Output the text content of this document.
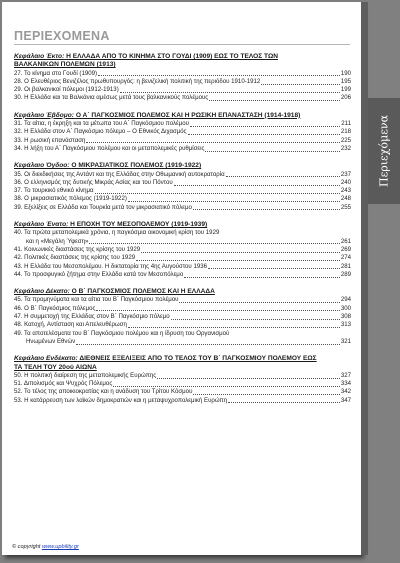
ΠΕΡΙΕΧΟΜΕΝΑ
Κεφάλαιο Έκτο: Η ΕΛΛΑΔΑ ΑΠΟ ΤΟ ΚΙΝΗΜΑ ΣΤΟ ΓΟΥΔΙ (1909) ΕΩΣ ΤΟ ΤΕΛΟΣ ΤΩΝ
ΒΑΛΚΑΝΙΚΩΝ ΠΟΛΕΜΩΝ (1913)
27. Το κίνημα στο Γουδί (1909)	190
28. Ο Ελευθέριος Βενιζέλος πρωθυπουργός: η βενιζελική πολιτική της περιόδου 1910-1912	195
29. Οι βαλκανικοί πόλεμοι (1912-1913)	199
30. Η Ελλάδα και τα Βαλκάνια αμέσως μετά τους βαλκανικούς πολέμους	206
Κεφάλαιο Έβδομο: Ο Α΄ ΠΑΓΚΟΣΜΙΟΣ ΠΟΛΕΜΟΣ ΚΑΙ Η ΡΩΣΙΚΗ ΕΠΑΝΑΣΤΑΣΗ (1914-1918)
31. Τα αίτια, η έκρηξη και τα μέτωπα του Α΄ Παγκόσμιου πολέμου	211
32. Η Ελλάδα στον Α΄ Παγκόσμιο πόλεμο – Ο Εθνικός Διχασμός	218
33. Η ρωσική επανάσταση	225
34. Η λήξη του Α΄ Παγκόσμιου πολέμου και οι μεταπολεμικές ρυθμίσεις	232
Κεφάλαιο Όγδοο: Ο ΜΙΚΡΑΣΙΑΤΙΚΟΣ ΠΟΛΕΜΟΣ (1919-1922)
35. Οι διεκδικήσεις της Αντάντ και της Ελλάδας στην Οθωμανική αυτοκρατορία	237
36. Ο ελληνισμός της δυτικής Μικράς Ασίας και του Πόντου	240
37. Το τουρκικό εθνικό κίνημα	243
38. Ο μικρασιατικός πόλεμος (1919-1922)	248
39. Εξελίξεις σε Ελλάδα και Τουρκία μετά τον μικρασιατικό πόλεμο	255
Κεφάλαιο Ένατο: Η ΕΠΟΧΗ ΤΟΥ ΜΕΣΟΠΟΛΕΜΟΥ (1919-1939)
40. Τα πρώτα μεταπολεμικά χρόνια, η παγκόσμια οικονομική κρίση του 1929
και η «Μεγάλη Ύφεση»	261
41. Κοινωνικές διαστάσεις της κρίσης του 1929	269
42. Πολιτικές διαστάσεις της κρίσης του 1929	274
43. Η Ελλάδα του Μεσοπολέμου. Η δικτατορία της 4ης Αυγούστου 1936	281
44. Το προσφυγικό ζήτημα στην Ελλάδα κατά τον Μεσοπόλεμο	289
Κεφάλαιο Δέκατο: Ο Β΄ ΠΑΓΚΟΣΜΙΟΣ ΠΟΛΕΜΟΣ ΚΑΙ Η ΕΛΛΑΔΑ
45. Τα προμηνύματα και τα αίτια του Β΄ Παγκόσμιου πολέμου	294
46. Ο Β΄ Παγκόσμιος πόλεμος	300
47. Η συμμετοχή της Ελλάδας στον Β΄ Παγκόσμιο πόλεμο	308
48. Κατοχή, Αντίσταση και Απελευθέρωση	313
49. Τα αποτελέσματα του Β΄ Παγκόσμιου πολέμου και η ίδρυση του Οργανισμού
Ηνωμένων Εθνών	321
Κεφάλαιο Ενδέκατο: ΔΙΕΘΝΕΙΣ ΕΞΕΛΙΞΕΙΣ ΑΠΟ ΤΟ ΤΕΛΟΣ ΤΟΥ Β΄ ΠΑΓΚΟΣΜΙΟΥ ΠΟΛΕΜΟΥ ΕΩΣ
ΤΑ ΤΕΛΗ ΤΟΥ 20ού ΑΙΩΝΑ
50. Η πολιτική διαίρεση της μεταπολεμικής Ευρώπης	327
51. Διπολισμός και Ψυχρός Πόλεμος	334
52. Το τέλος της αποικιοκρατίας και η ανάδυση του Τρίτου Κόσμου	342
53. Η κατάρρευση των λαϊκών δημοκρατιών και η μεταψυχροπολεμική Ευρώπη	347
© copyright www.upbility.gr
Περιεχόμενα
